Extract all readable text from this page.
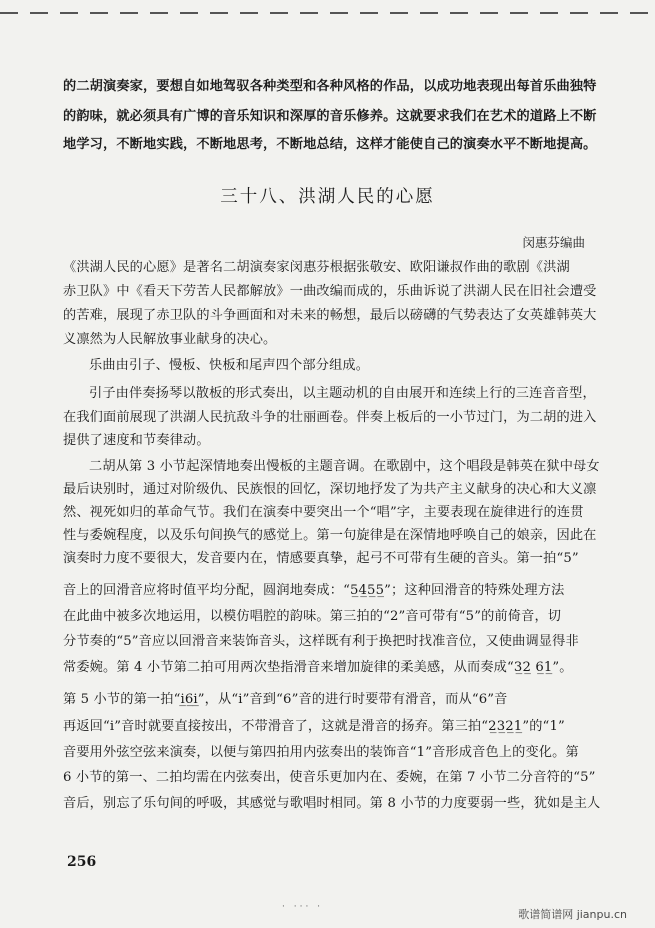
的二胡演奏家，要想自如地驾驭各种类型和各种风格的作品，以成功地表现出每首乐曲独特
的韵味，就必须具有广博的音乐知识和深厚的音乐修养。这就要求我们在艺术的道路上不断
地学习，不断地实践，不断地思考，不断地总结，这样才能使自己的演奏水平不断地提高。
三十八、洪湖人民的心愿
闵惠芬编曲
《洪湖人民的心愿》是著名二胡演奏家闵惠芬根据张敬安、欧阳谦叔作曲的歌剧《洪湖
赤卫队》中《看天下劳苦人民都解放》一曲改编而成的，乐曲诉说了洪湖人民在旧社会遭受
的苦难，展现了赤卫队的斗争画面和对未来的畅想，最后以磅礴的气势表达了女英雄韩英大
义凛然为人民解放事业献身的决心。
乐曲由引子、慢板、快板和尾声四个部分组成。
引子由伴奏扬琴以散板的形式奏出，以主题动机的自由展开和连续上行的三连音音型，
在我们面前展现了洪湖人民抗敌斗争的壮丽画卷。伴奏上板后的一小节过门，为二胡的进入
提供了速度和节奏律动。
二胡从第 3 小节起深情地奏出慢板的主题音调。在歌剧中，这个唱段是韩英在狱中母女
最后诀别时，通过对阶级仇、民族恨的回忆，深切地抒发了为共产主义献身的决心和大义凛
然、视死如归的革命气节。我们在演奏中要突出一个“唱”字，主要表现在旋律进行的连贯
性与委婉程度，以及乐句间换气的感觉上。第一句旋律是在深情地呼唤自己的娘亲，因此在
演奏时力度不要很大，发音要内在，情感要真挚，起弓不可带有生硬的音头。第一拍“5”
音上的回滑音应将时值平均分配，圆润地奏成：“5̲4̲5̲5̲”；这种回滑音的特殊处理方法
在此曲中被多次地运用，以模仿唱腔的韵味。第三拍的“2”音可带有“5”的前倚音，切
分节奏的“5”音应以回滑音来装饰音头，这样既有利于换把时找准音位，又使曲调显得非
常委婉。第 4 小节第二拍可用两次垫指滑音来增加旋律的柔美感，从而奏成“3̲2̲ 6̲1̲”。
第 5 小节的第一拍“i̲6̲i̲”，从“i”音到“6”音的进行时要带有滑音，而从“6”音
再返回“i”音时就要直接按出，不带滑音了，这就是滑音的扬弃。第三拍“2̲3̲2̲1̲”的“1”
音要用外弦空弦来演奏，以便与第四拍用内弦奏出的装饰音“1”音形成音色上的变化。第
6 小节的第一、二拍均需在内弦奏出，使音乐更加内在、委婉，在第 7 小节二分音符的“5”
音后，别忘了乐句间的呼吸，其感觉与歌唱时相同。第 8 小节的力度要弱一些，犹如是主人
256
· ··· ·
歌谱简谱网 jianpu.cn
